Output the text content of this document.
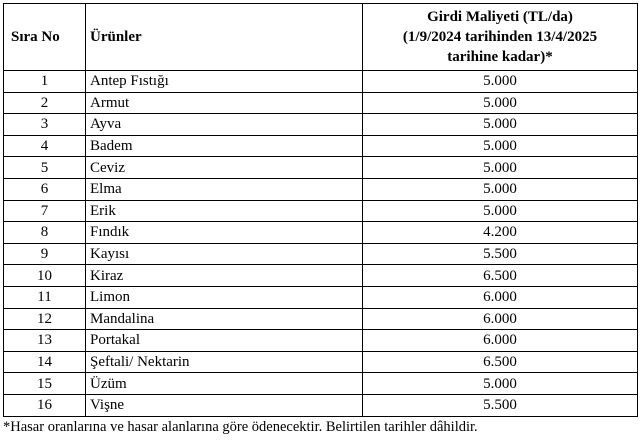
Sıra No	Ürünler	Girdi Maliyeti (TL/da)
(1/9/2024 tarihinden 13/4/2025
tarihine kadar)*

1	Antep Fıstığı	5.000
2	Armut	5.000
3	Ayva	5.000
4	Badem	5.000
5	Ceviz	5.000
6	Elma	5.000
7	Erik	5.000
8	Fındık	4.200
9	Kayısı	5.500
10	Kiraz	6.500
11	Limon	6.000
12	Mandalina	6.000
13	Portakal	6.000
14	Şeftali/ Nektarin	6.500
15	Üzüm	5.000
16	Vişne	5.500
*Hasar oranlarına ve hasar alanlarına göre ödenecektir. Belirtilen tarihler dâhildir.
